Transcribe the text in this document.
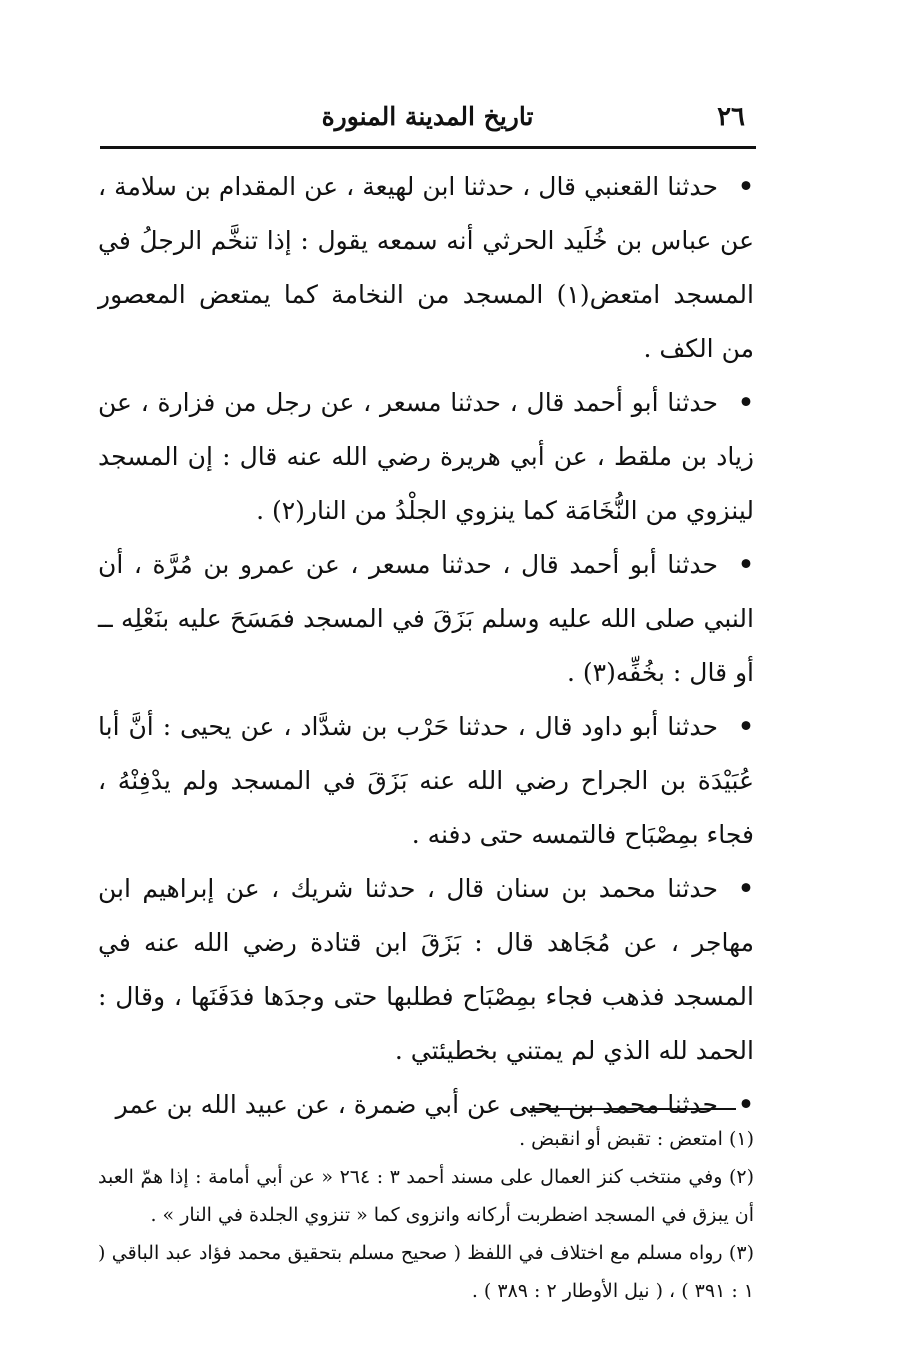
٢٦
تاريخ المدينة المنورة

•حدثنا القعنبي قال ، حدثنا ابن لهيعة ، عن المقدام بن سلامة ، عن عباس بن خُلَيد الحرثي أنه سمعه يقول : إذا تنخَّم الرجلُ في المسجد امتعض(١) المسجد من النخامة كما يمتعض المعصور من الكف .

•حدثنا أبو أحمد قال ، حدثنا مسعر ، عن رجل من فزارة ، عن زياد بن ملقط ، عن أبي هريرة رضي الله عنه قال : إن المسجد لينزوي من النُّخَامَة كما ينزوي الجلْدُ من النار(٢) .

•حدثنا أبو أحمد قال ، حدثنا مسعر ، عن عمرو بن مُرَّة ، أن النبي صلى الله عليه وسلم بَزَقَ في المسجد فمَسَحَ عليه بنَعْلِه ــ أو قال : بخُفِّه(٣) .

•حدثنا أبو داود قال ، حدثنا حَرْب بن شدَّاد ، عن يحيى : أنَّ أبا عُبَيْدَة بن الجراح رضي الله عنه بَزَقَ في المسجد ولم يدْفِنْهُ ، فجاء بمِصْبَاح فالتمسه حتى دفنه .

•حدثنا محمد بن سنان قال ، حدثنا شريك ، عن إبراهيم ابن مهاجر ، عن مُجَاهد قال : بَزَقَ ابن قتادة رضي الله عنه في المسجد فذهب فجاء بمِصْبَاح فطلبها حتى وجدَها فدَفَنَها ، وقال : الحمد لله الذي لم يمتني بخطيئتي .

•حدثنا محمد بن يحيى عن أبي ضمرة ، عن عبيد الله بن عمر

(١) امتعض : تقبض أو انقبض .

(٢) وفي منتخب كنز العمال على مسند أحمد ٣ : ٢٦٤ « عن أبي أمامة : إذا همّ العبد أن يبزق في المسجد اضطربت أركانه وانزوى كما « تنزوي الجلدة في النار » .

(٣) رواه مسلم مع اختلاف في اللفظ ( صحيح مسلم بتحقيق محمد فؤاد عبد الباقي ( ١ : ٣٩١ ) ، ( نيل الأوطار ٢ : ٣٨٩ ) .
